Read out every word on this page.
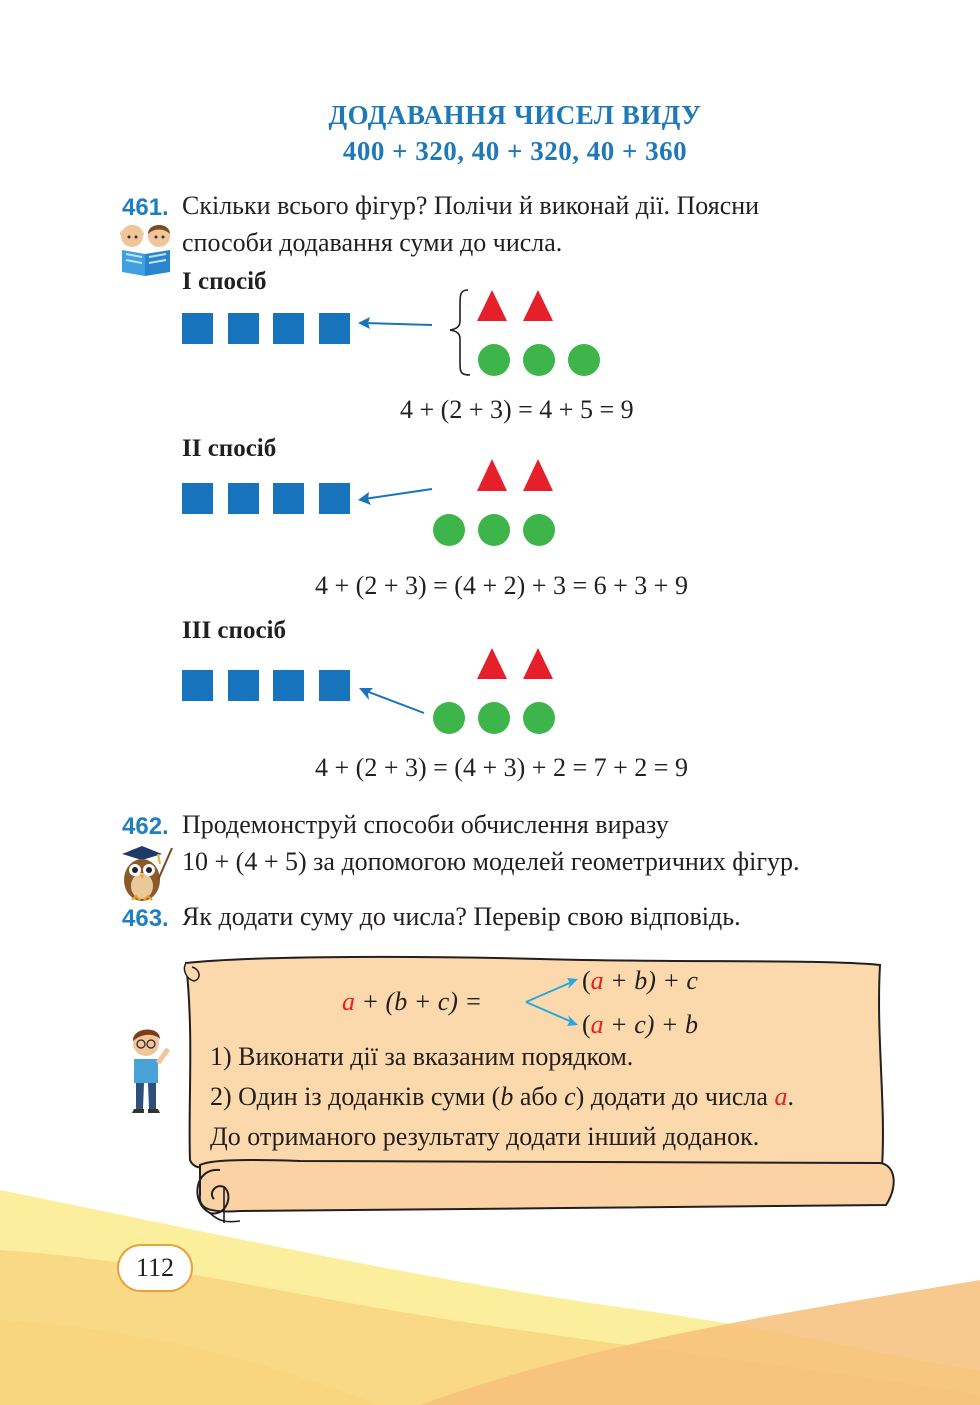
ДОДАВАННЯ ЧИСЕЛ ВИДУ
400 + 320, 40 + 320, 40 + 360
461. Скільки всього фігур? Полічи й виконай дії. Поясни
способи додавання суми до числа.
І спосіб
4 + (2 + 3) = 4 + 5 = 9
ІІ спосіб
4 + (2 + 3) = (4 + 2) + 3 = 6 + 3 + 9
ІІІ спосіб
4 + (2 + 3) = (4 + 3) + 2 = 7 + 2 = 9
462. Продемонструй способи обчислення виразу
10 + (4 + 5) за допомогою моделей геометричних фігур.
463. Як додати суму до числа? Перевір свою відповідь.
a + (b + c) =
(a + b) + c
(a + c) + b
1) Виконати дії за вказаним порядком.
2) Один із доданків суми (b або c) додати до числа a.
До отриманого результату додати інший доданок.
112
